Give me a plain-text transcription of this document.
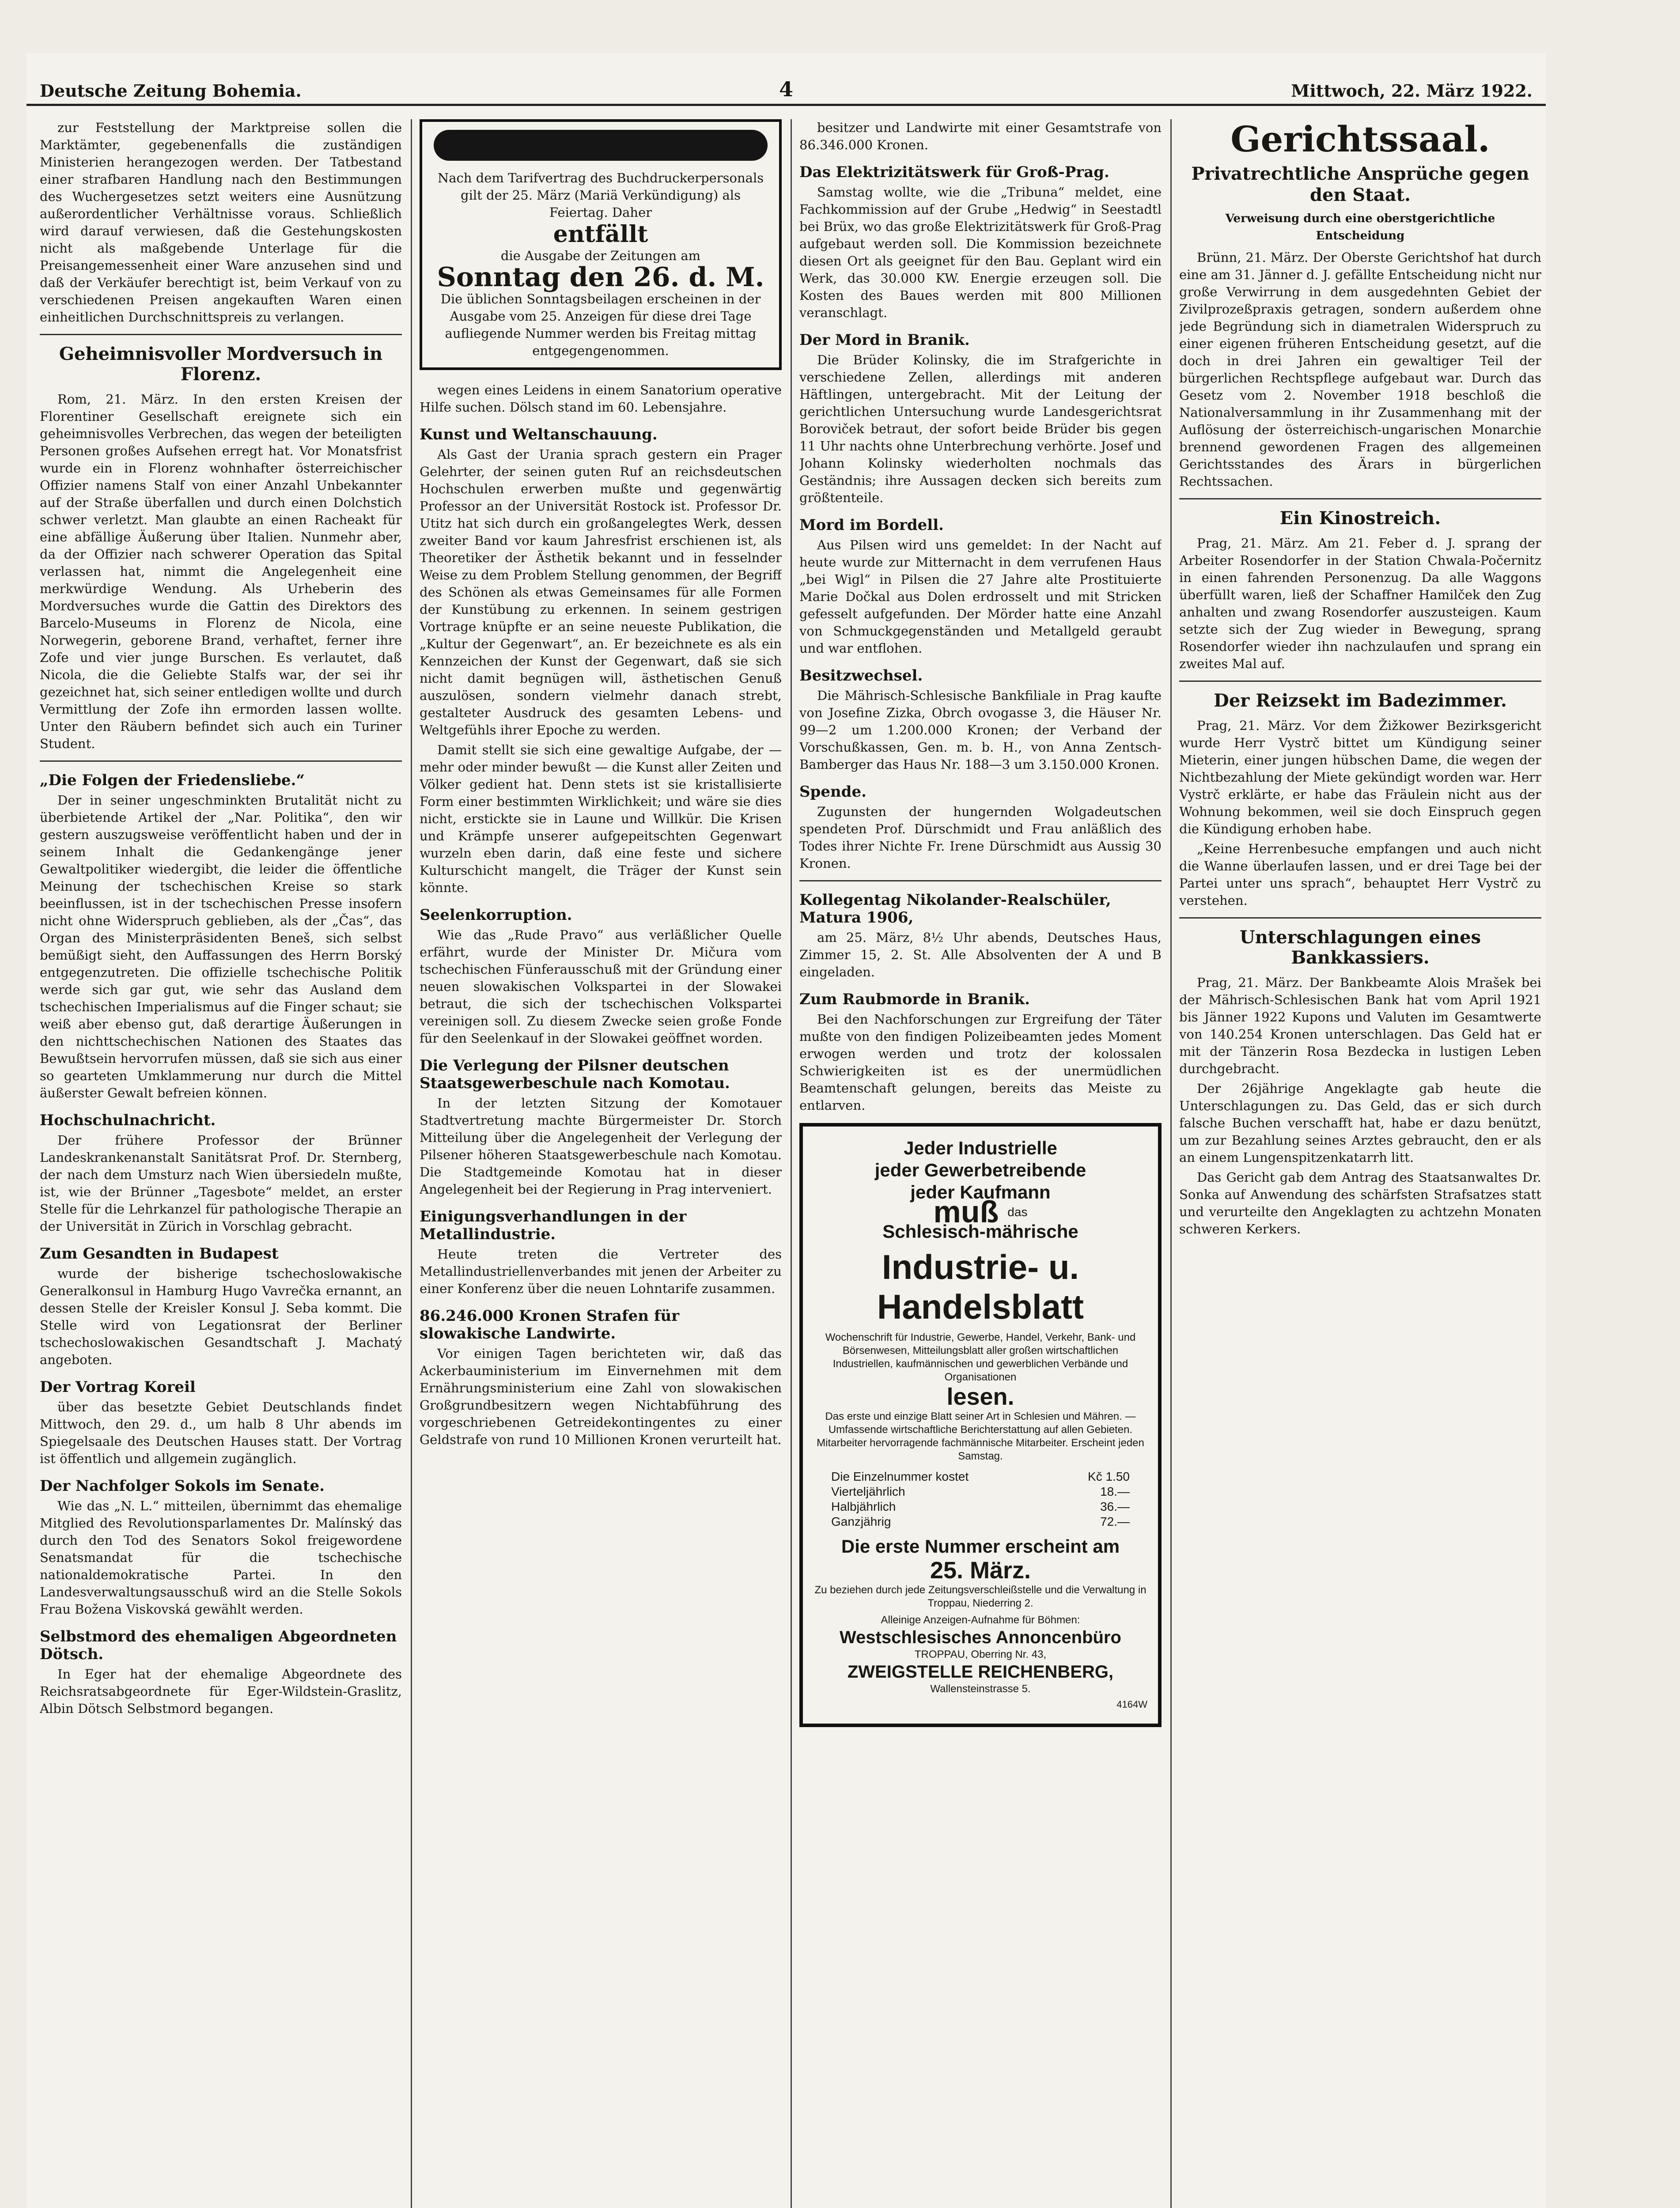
Deutsche Zeitung Bohemia.	4	Mittwoch, 22. März 1922.

zur Feststellung der Marktpreise sollen die Marktämter, gegebenenfalls die zuständigen Ministerien herangezogen werden. Der Tatbestand einer strafbaren Handlung nach den Bestimmungen des Wuchergesetzes setzt weiters eine Ausnützung außerordentlicher Verhältnisse voraus. Schließlich wird darauf verwiesen, daß die Gestehungskosten nicht als maßgebende Unterlage für die Preisangemessenheit einer Ware anzusehen sind und daß der Verkäufer berechtigt ist, beim Verkauf von zu verschiedenen Preisen angekauften Waren einen einheitlichen Durchschnittspreis zu verlangen.

Geheimnisvoller Mordversuch in Florenz.

Rom, 21. März. In den ersten Kreisen der Florentiner Gesellschaft ereignete sich ein geheimnisvolles Verbrechen, das wegen der beteiligten Personen großes Aufsehen erregt hat. Vor Monatsfrist wurde ein in Florenz wohnhafter österreichischer Offizier namens Stalf von einer Anzahl Unbekannter auf der Straße überfallen und durch einen Dolchstich schwer verletzt. Man glaubte an einen Racheakt für eine abfällige Äußerung über Italien. Nunmehr aber, da der Offizier nach schwerer Operation das Spital verlassen hat, nimmt die Angelegenheit eine merkwürdige Wendung. Als Urheberin des Mordversuches wurde die Gattin des Direktors des Barcelo-Museums in Florenz de Nicola, eine Norwegerin, geborene Brand, verhaftet, ferner ihre Zofe und vier junge Burschen. Es verlautet, daß Nicola, die die Geliebte Stalfs war, der sei ihr gezeichnet hat, sich seiner entledigen wollte und durch Vermittlung der Zofe ihn ermorden lassen wollte. Unter den Räubern befindet sich auch ein Turiner Student.

„Die Folgen der Friedensliebe.“

Der in seiner ungeschminkten Brutalität nicht zu überbietende Artikel der „Nar. Politika“, den wir gestern auszugsweise veröffentlicht haben und der in seinem Inhalt die Gedankengänge jener Gewaltpolitiker wiedergibt, die leider die öffentliche Meinung der tschechischen Kreise so stark beeinflussen, ist in der tschechischen Presse insofern nicht ohne Widerspruch geblieben, als der „Čas“, das Organ des Ministerpräsidenten Beneš, sich selbst bemüßigt sieht, den Auffassungen des Herrn Borský entgegenzutreten. Die offizielle tschechische Politik werde sich gar gut, wie sehr das Ausland dem tschechischen Imperialismus auf die Finger schaut; sie weiß aber ebenso gut, daß derartige Äußerungen in den nichttschechischen Nationen des Staates das Bewußtsein hervorrufen müssen, daß sie sich aus einer so gearteten Umklammerung nur durch die Mittel äußerster Gewalt befreien können.

Hochschulnachricht.

Der frühere Professor der Brünner Landeskrankenanstalt Sanitätsrat Prof. Dr. Sternberg, der nach dem Umsturz nach Wien übersiedeln mußte, ist, wie der Brünner „Tagesbote“ meldet, an erster Stelle für die Lehrkanzel für pathologische Therapie an der Universität in Zürich in Vorschlag gebracht.

Zum Gesandten in Budapest

wurde der bisherige tschechoslowakische Generalkonsul in Hamburg Hugo Vavrečka ernannt, an dessen Stelle der Kreisler Konsul J. Seba kommt. Die Stelle wird von Legationsrat der Berliner tschechoslowakischen Gesandtschaft J. Machatý angeboten.

Der Vortrag Koreil

über das besetzte Gebiet Deutschlands findet Mittwoch, den 29. d., um halb 8 Uhr abends im Spiegelsaale des Deutschen Hauses statt. Der Vortrag ist öffentlich und allgemein zugänglich.

Der Nachfolger Sokols im Senate.

Wie das „N. L.“ mitteilen, übernimmt das ehemalige Mitglied des Revolutionsparlamentes Dr. Malínský das durch den Tod des Senators Sokol freigewordene Senatsmandat für die tschechische nationaldemokratische Partei. In den Landesverwaltungsausschuß wird an die Stelle Sokols Frau Božena Viskovská gewählt werden.

Selbstmord des ehemaligen Abgeordneten Dötsch.

In Eger hat der ehemalige Abgeordnete des Reichsratsabgeordnete für Eger-Wildstein-Graslitz, Albin Dötsch Selbstmord begangen.

Nach dem Tarifvertrag des Buchdruckerpersonals gilt der 25. März (Mariä Verkündigung) als Feiertag. Daher
entfällt
die Ausgabe der Zeitungen am
Sonntag den 26. d. M.
Die üblichen Sonntagsbeilagen erscheinen in der Ausgabe vom 25. Anzeigen für diese drei Tage aufliegende Nummer werden bis Freitag mittag entgegengenommen.

wegen eines Leidens in einem Sanatorium operative Hilfe suchen. Dölsch stand im 60. Lebensjahre.

Kunst und Weltanschauung.

Als Gast der Urania sprach gestern ein Prager Gelehrter, der seinen guten Ruf an reichsdeutschen Hochschulen erwerben mußte und gegenwärtig Professor an der Universität Rostock ist. Professor Dr. Utitz hat sich durch ein großangelegtes Werk, dessen zweiter Band vor kaum Jahresfrist erschienen ist, als Theoretiker der Ästhetik bekannt und in fesselnder Weise zu dem Problem Stellung genommen, der Begriff des Schönen als etwas Gemeinsames für alle Formen der Kunstübung zu erkennen. In seinem gestrigen Vortrage knüpfte er an seine neueste Publikation, die „Kultur der Gegenwart“, an. Er bezeichnete es als ein Kennzeichen der Kunst der Gegenwart, daß sie sich nicht damit begnügen will, ästhetischen Genuß auszulösen, sondern vielmehr danach strebt, gestalteter Ausdruck des gesamten Lebens- und Weltgefühls ihrer Epoche zu werden.

Damit stellt sie sich eine gewaltige Aufgabe, der — mehr oder minder bewußt — die Kunst aller Zeiten und Völker gedient hat. Denn stets ist sie kristallisierte Form einer bestimmten Wirklichkeit; und wäre sie dies nicht, erstickte sie in Laune und Willkür. Die Krisen und Krämpfe unserer aufgepeitschten Gegenwart wurzeln eben darin, daß eine feste und sichere Kulturschicht mangelt, die Träger der Kunst sein könnte.

Seelenkorruption.

Wie das „Rude Pravo“ aus verläßlicher Quelle erfährt, wurde der Minister Dr. Mičura vom tschechischen Fünferausschuß mit der Gründung einer neuen slowakischen Volkspartei in der Slowakei betraut, die sich der tschechischen Volkspartei vereinigen soll. Zu diesem Zwecke seien große Fonde für den Seelenkauf in der Slowakei geöffnet worden.

Die Verlegung der Pilsner deutschen Staatsgewerbeschule nach Komotau.

In der letzten Sitzung der Komotauer Stadtvertretung machte Bürgermeister Dr. Storch Mitteilung über die Angelegenheit der Verlegung der Pilsener höheren Staatsgewerbeschule nach Komotau. Die Stadtgemeinde Komotau hat in dieser Angelegenheit bei der Regierung in Prag interveniert.

Einigungsverhandlungen in der Metallindustrie.

Heute treten die Vertreter des Metallindustriellenverbandes mit jenen der Arbeiter zu einer Konferenz über die neuen Lohntarife zusammen.

86.246.000 Kronen Strafen für slowakische Landwirte.

Vor einigen Tagen berichteten wir, daß das Ackerbauministerium im Einvernehmen mit dem Ernährungsministerium eine Zahl von slowakischen Großgrundbesitzern wegen Nichtabführung des vorgeschriebenen Getreidekontingentes zu einer Geldstrafe von rund 10 Millionen Kronen verurteilt hat.

besitzer und Landwirte mit einer Gesamtstrafe von 86.346.000 Kronen.

Das Elektrizitätswerk für Groß-Prag.

Samstag wollte, wie die „Tribuna“ meldet, eine Fachkommission auf der Grube „Hedwig“ in Seestadtl bei Brüx, wo das große Elektrizitätswerk für Groß-Prag aufgebaut werden soll. Die Kommission bezeichnete diesen Ort als geeignet für den Bau. Geplant wird ein Werk, das 30.000 KW. Energie erzeugen soll. Die Kosten des Baues werden mit 800 Millionen veranschlagt.

Der Mord in Branik.

Die Brüder Kolinsky, die im Strafgerichte in verschiedene Zellen, allerdings mit anderen Häftlingen, untergebracht. Mit der Leitung der gerichtlichen Untersuchung wurde Landesgerichtsrat Boroviček betraut, der sofort beide Brüder bis gegen 11 Uhr nachts ohne Unterbrechung verhörte. Josef und Johann Kolinsky wiederholten nochmals das Geständnis; ihre Aussagen decken sich bereits zum größtenteile.

Mord im Bordell.

Aus Pilsen wird uns gemeldet: In der Nacht auf heute wurde zur Mitternacht in dem verrufenen Haus „bei Wigl“ in Pilsen die 27 Jahre alte Prostituierte Marie Dočkal aus Dolen erdrosselt und mit Stricken gefesselt aufgefunden. Der Mörder hatte eine Anzahl von Schmuckgegenständen und Metallgeld geraubt und war entflohen.

Besitzwechsel.

Die Mährisch-Schlesische Bankfiliale in Prag kaufte von Josefine Zizka, Obrch ovogasse 3, die Häuser Nr. 99—2 um 1.200.000 Kronen; der Verband der Vorschußkassen, Gen. m. b. H., von Anna Zentsch-Bamberger das Haus Nr. 188—3 um 3.150.000 Kronen.

Spende.

Zugunsten der hungernden Wolgadeutschen spendeten Prof. Dürschmidt und Frau anläßlich des Todes ihrer Nichte Fr. Irene Dürschmidt aus Aussig 30 Kronen.

Kollegentag Nikolander-Realschüler, Matura 1906,

am 25. März, 8½ Uhr abends, Deutsches Haus, Zimmer 15, 2. St. Alle Absolventen der A und B eingeladen.

Zum Raubmorde in Branik.

Bei den Nachforschungen zur Ergreifung der Täter mußte von den findigen Polizeibeamten jedes Moment erwogen werden und trotz der kolossalen Schwierigkeiten ist es der unermüdlichen Beamtenschaft gelungen, bereits das Meiste zu entlarven.

Jeder Industrielle
jeder Gewerbetreibende
jeder Kaufmann
muß das
Schlesisch-mährische
Industrie- u. Handelsblatt
Wochenschrift für Industrie, Gewerbe, Handel, Verkehr, Bank- und Börsenwesen, Mitteilungsblatt aller großen wirtschaftlichen Industriellen, kaufmännischen und gewerblichen Verbände und Organisationen
lesen.
Das erste und einzige Blatt seiner Art in Schlesien und Mähren. — Umfassende wirtschaftliche Berichterstattung auf allen Gebieten. Mitarbeiter hervorragende fachmännische Mitarbeiter. Erscheint jeden Samstag.
Die Einzelnummer kostet	Kč 1.50
Vierteljährlich	18.—
Halbjährlich	36.—
Ganzjährig	72.—
Die erste Nummer erscheint am
25. März.
Zu beziehen durch jede Zeitungsverschleißstelle und die Verwaltung in Troppau, Niederring 2.
Alleinige Anzeigen-Aufnahme für Böhmen:
Westschlesisches Annoncenbüro
TROPPAU, Oberring Nr. 43,
ZWEIGSTELLE REICHENBERG,
Wallensteinstrasse 5.
4164W
Gerichtssaal.
Privatrechtliche Ansprüche gegen den Staat.
Verweisung durch eine oberstgerichtliche Entscheidung

Brünn, 21. März. Der Oberste Gerichtshof hat durch eine am 31. Jänner d. J. gefällte Entscheidung nicht nur große Verwirrung in dem ausgedehnten Gebiet der Zivilprozeßpraxis getragen, sondern außerdem ohne jede Begründung sich in diametralen Widerspruch zu einer eigenen früheren Entscheidung gesetzt, auf die doch in drei Jahren ein gewaltiger Teil der bürgerlichen Rechtspflege aufgebaut war. Durch das Gesetz vom 2. November 1918 beschloß die Nationalversammlung in ihr Zusammenhang mit der Auflösung der österreichisch-ungarischen Monarchie brennend gewordenen Fragen des allgemeinen Gerichtsstandes des Ärars in bürgerlichen Rechtssachen.

Ein Kinostreich.

Prag, 21. März. Am 21. Feber d. J. sprang der Arbeiter Rosendorfer in der Station Chwala-Počernitz in einen fahrenden Personenzug. Da alle Waggons überfüllt waren, ließ der Schaffner Hamilček den Zug anhalten und zwang Rosendorfer auszusteigen. Kaum setzte sich der Zug wieder in Bewegung, sprang Rosendorfer wieder ihn nachzulaufen und sprang ein zweites Mal auf.

Der Reizsekt im Badezimmer.

Prag, 21. März. Vor dem Žižkower Bezirksgericht wurde Herr Vystrč bittet um Kündigung seiner Mieterin, einer jungen hübschen Dame, die wegen der Nichtbezahlung der Miete gekündigt worden war. Herr Vystrč erklärte, er habe das Fräulein nicht aus der Wohnung bekommen, weil sie doch Einspruch gegen die Kündigung erhoben habe.

„Keine Herrenbesuche empfangen und auch nicht die Wanne überlaufen lassen, und er drei Tage bei der Partei unter uns sprach“, behauptet Herr Vystrč zu verstehen.

Unterschlagungen eines Bankkassiers.

Prag, 21. März. Der Bankbeamte Alois Mrašek bei der Mährisch-Schlesischen Bank hat vom April 1921 bis Jänner 1922 Kupons und Valuten im Gesamtwerte von 140.254 Kronen unterschlagen. Das Geld hat er mit der Tänzerin Rosa Bezdecka in lustigen Leben durchgebracht.

Der 26jährige Angeklagte gab heute die Unterschlagungen zu. Das Geld, das er sich durch falsche Buchen verschafft hat, habe er dazu benützt, um zur Bezahlung seines Arztes gebraucht, den er als an einem Lungenspitzenkatarrh litt.

Das Gericht gab dem Antrag des Staatsanwaltes Dr. Sonka auf Anwendung des schärfsten Strafsatzes statt und verurteilte den Angeklagten zu achtzehn Monaten schweren Kerkers.
